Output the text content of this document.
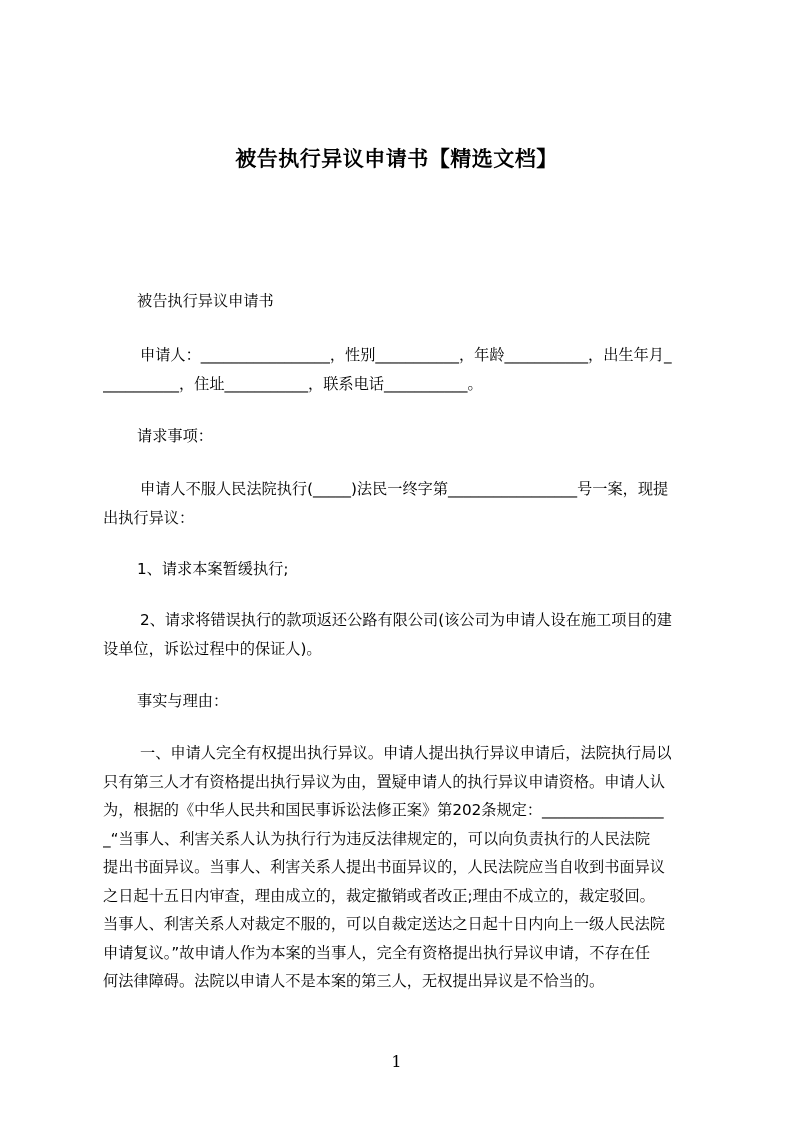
被告执行异议申请书【精选文档】

被告执行异议申请书

申请人：_________________，性别___________，年龄___________，出生年月_
__________，住址___________，联系电话___________。

请求事项：

申请人不服人民法院执行(_____)法民一终字第_________________号一案，现提
出执行异议：

1、请求本案暂缓执行;

2、请求将错误执行的款项返还公路有限公司(该公司为申请人设在施工项目的建
设单位，诉讼过程中的保证人)。

事实与理由：

一、申请人完全有权提出执行异议。申请人提出执行异议申请后，法院执行局以
只有第三人才有资格提出执行异议为由，置疑申请人的执行异议申请资格。申请人认
为，根据的《中华人民共和国民事诉讼法修正案》第202条规定：________________
_“当事人、利害关系人认为执行行为违反法律规定的，可以向负责执行的人民法院
提出书面异议。当事人、利害关系人提出书面异议的，人民法院应当自收到书面异议
之日起十五日内审查，理由成立的，裁定撤销或者改正;理由不成立的，裁定驳回。
当事人、利害关系人对裁定不服的，可以自裁定送达之日起十日内向上一级人民法院
申请复议。”故申请人作为本案的当事人，完全有资格提出执行异议申请，不存在任
何法律障碍。法院以申请人不是本案的第三人，无权提出异议是不恰当的。
1
